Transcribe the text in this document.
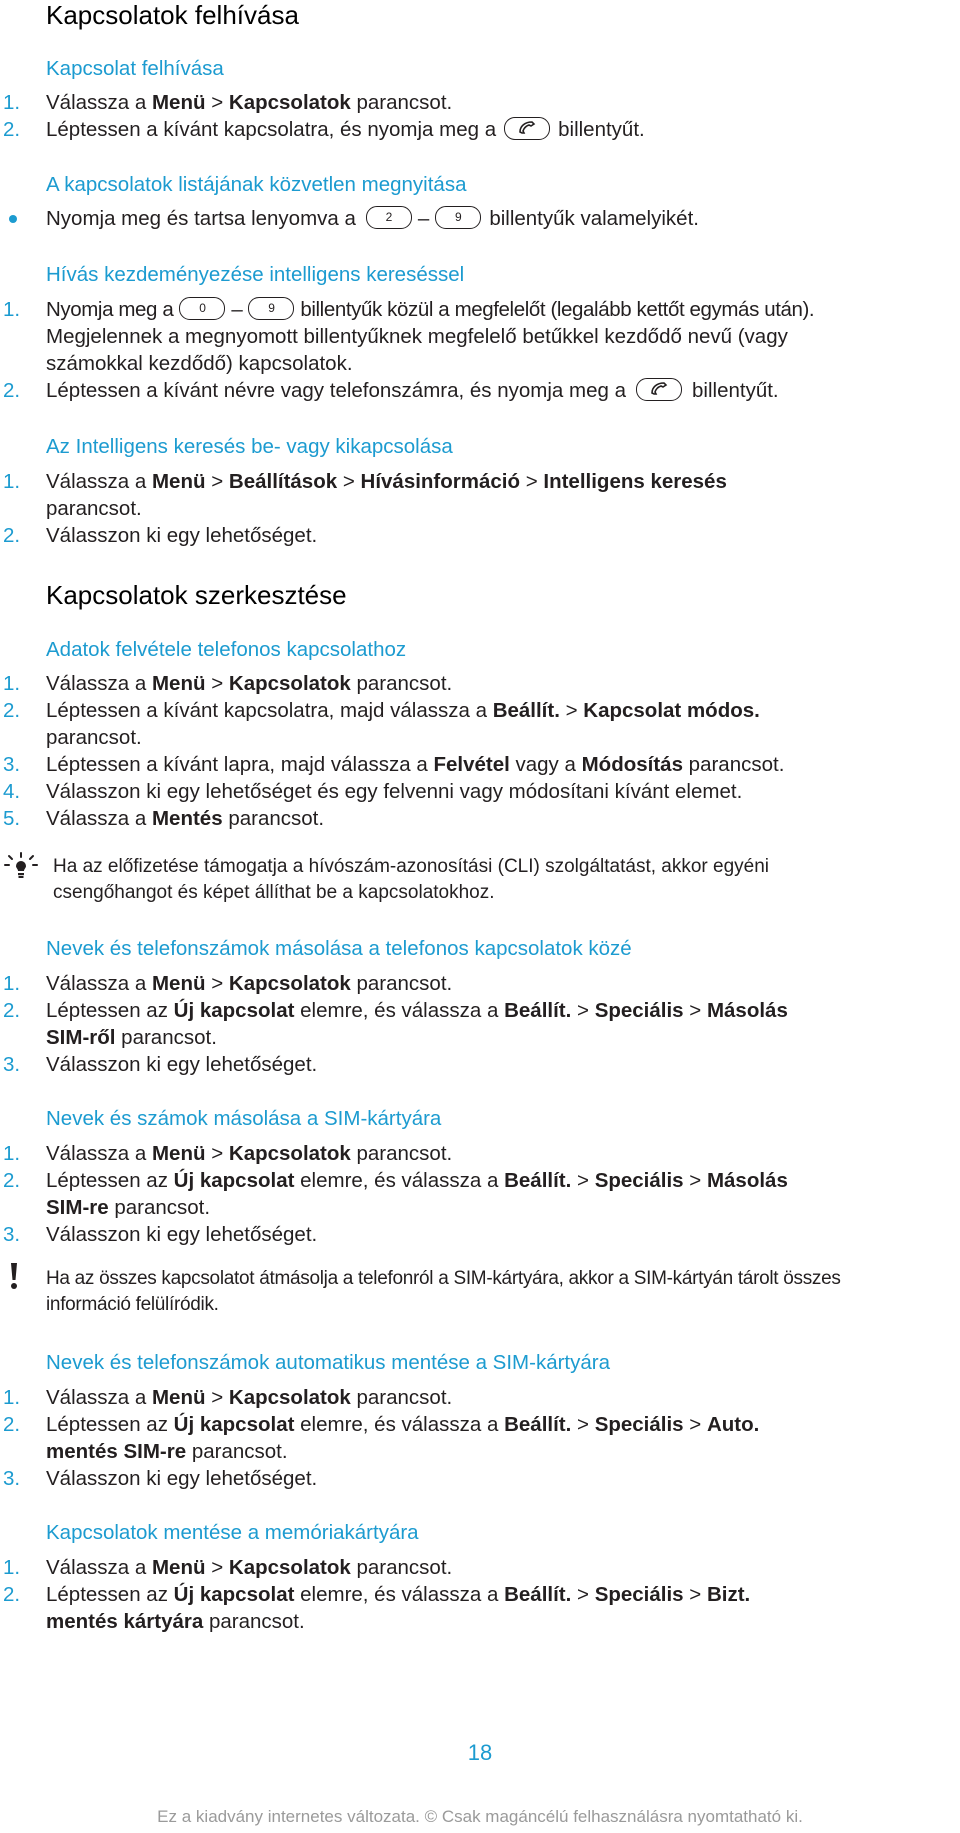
Kapcsolatok felhívása
Kapcsolat felhívása
1. Válassza a Menü > Kapcsolatok parancsot.
2. Léptessen a kívánt kapcsolatra, és nyomja meg a	billentyűt.
A kapcsolatok listájának közvetlen megnyitása
Nyomja meg és tartsa lenyomva a 2 – 9 billentyűk valamelyikét.
Hívás kezdeményezése intelligens kereséssel
1. Nyomja meg a 0 – 9 billentyűk közül a megfelelőt (legalább kettőt egymás után).
Megjelennek a megnyomott billentyűknek megfelelő betűkkel kezdődő nevű (vagy
számokkal kezdődő) kapcsolatok.
2. Léptessen a kívánt névre vagy telefonszámra, és nyomja meg a	billentyűt.
Az Intelligens keresés be- vagy kikapcsolása
1. Válassza a Menü > Beállítások > Hívásinformáció > Intelligens keresés
parancsot.
2. Válasszon ki egy lehetőséget.
Kapcsolatok szerkesztése
Adatok felvétele telefonos kapcsolathoz
1. Válassza a Menü > Kapcsolatok parancsot.
2. Léptessen a kívánt kapcsolatra, majd válassza a Beállít. > Kapcsolat módos.
parancsot.
3. Léptessen a kívánt lapra, majd válassza a Felvétel vagy a Módosítás parancsot.
4. Válasszon ki egy lehetőséget és egy felvenni vagy módosítani kívánt elemet.
5. Válassza a Mentés parancsot.
Ha az előfizetése támogatja a hívószám-azonosítási (CLI) szolgáltatást, akkor egyéni
csengőhangot és képet állíthat be a kapcsolatokhoz.
Nevek és telefonszámok másolása a telefonos kapcsolatok közé
1. Válassza a Menü > Kapcsolatok parancsot.
2. Léptessen az Új kapcsolat elemre, és válassza a Beállít. > Speciális > Másolás
SIM-ről parancsot.
3. Válasszon ki egy lehetőséget.
Nevek és számok másolása a SIM-kártyára
1. Válassza a Menü > Kapcsolatok parancsot.
2. Léptessen az Új kapcsolat elemre, és válassza a Beállít. > Speciális > Másolás
SIM-re parancsot.
3. Válasszon ki egy lehetőséget.
Ha az összes kapcsolatot átmásolja a telefonról a SIM-kártyára, akkor a SIM-kártyán tárolt összes
információ felülíródik.
Nevek és telefonszámok automatikus mentése a SIM-kártyára
1. Válassza a Menü > Kapcsolatok parancsot.
2. Léptessen az Új kapcsolat elemre, és válassza a Beállít. > Speciális > Auto.
mentés SIM-re parancsot.
3. Válasszon ki egy lehetőséget.
Kapcsolatok mentése a memóriakártyára
1. Válassza a Menü > Kapcsolatok parancsot.
2. Léptessen az Új kapcsolat elemre, és válassza a Beállít. > Speciális > Bizt.
mentés kártyára parancsot.
18
Ez a kiadvány internetes változata. © Csak magáncélú felhasználásra nyomtatható ki.
